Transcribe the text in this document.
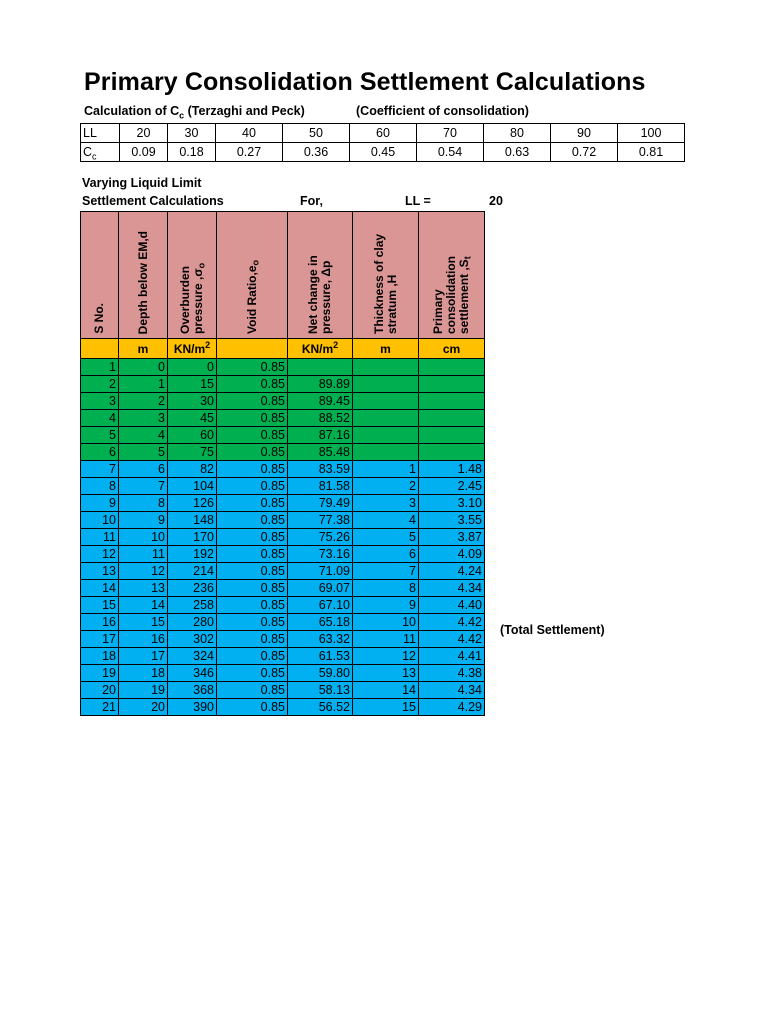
Primary Consolidation Settlement Calculations
Calculation of $C_c$ (Terzaghi and Peck)	(Coefficient of consolidation)
LL	20	30	40	50	60	70	80	90	100
$C_c$	0.09	0.18	0.27	0.36	0.45	0.54	0.63	0.72	0.81
Varying Liquid Limit
Settlement Calculations	For,	LL =	20
S No.	Depth below EM,d	Overburden pressure $,\sigma_o$	Void $Ratio,e_o$	Net change in pressure, Δp	Thickness of clay stratum ,H	Primary consolidation settlement $,S_t$

	m	$KN/m^2$		$KN/m^2$	m	cm
1	0	0	0.85			
2	1	15	0.85	89.89		
3	2	30	0.85	89.45		
4	3	45	0.85	88.52		
5	4	60	0.85	87.16		
6	5	75	0.85	85.48		
7	6	82	0.85	83.59	1	1.48
8	7	104	0.85	81.58	2	2.45
9	8	126	0.85	79.49	3	3.10
10	9	148	0.85	77.38	4	3.55
11	10	170	0.85	75.26	5	3.87
12	11	192	0.85	73.16	6	4.09
13	12	214	0.85	71.09	7	4.24
14	13	236	0.85	69.07	8	4.34
15	14	258	0.85	67.10	9	4.40
16	15	280	0.85	65.18	10	4.42
17	16	302	0.85	63.32	11	4.42
18	17	324	0.85	61.53	12	4.41
19	18	346	0.85	59.80	13	4.38
20	19	368	0.85	58.13	14	4.34
21	20	390	0.85	56.52	15	4.29
(Total Settlement)
